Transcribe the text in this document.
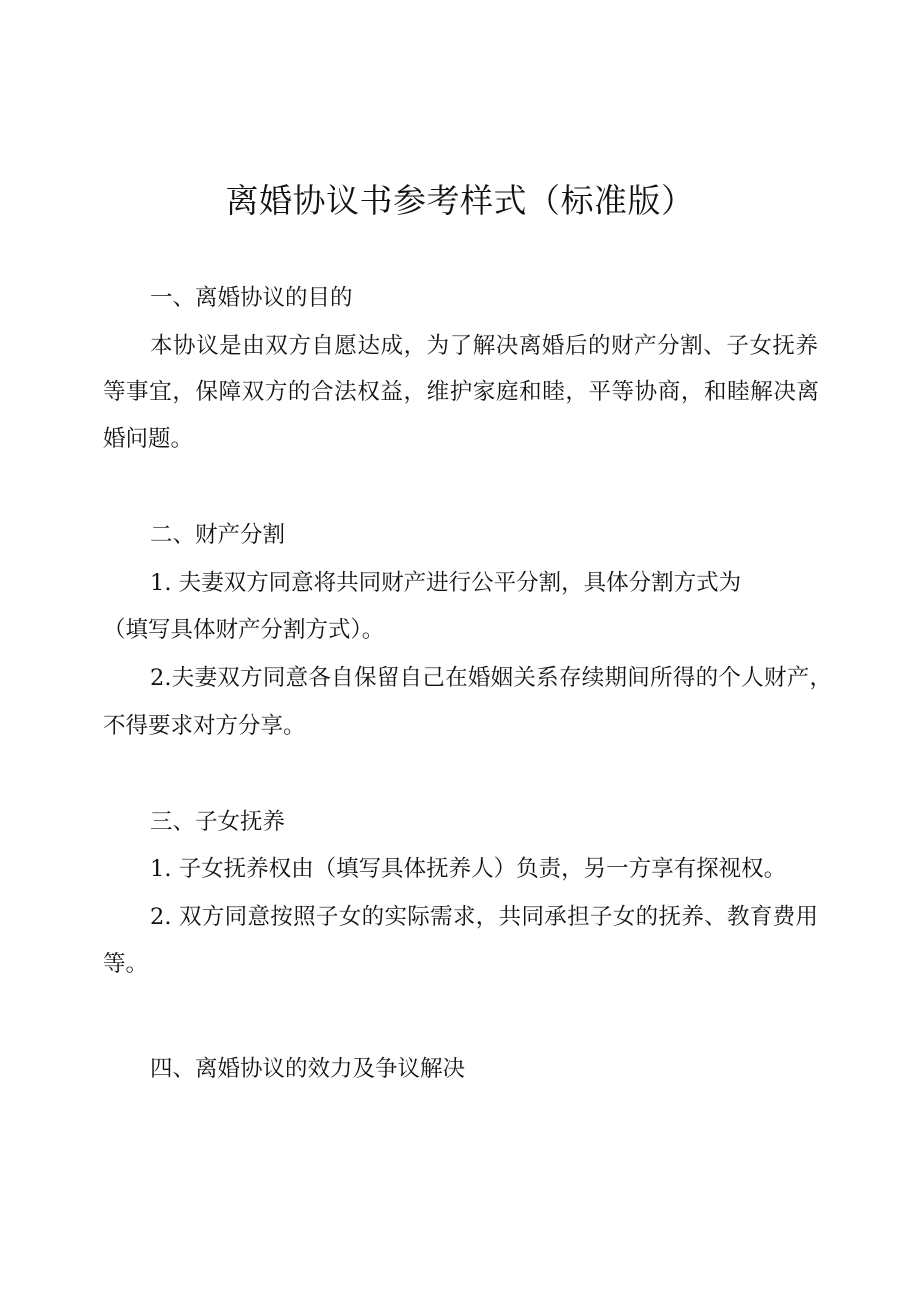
离婚协议书参考样式（标准版）
一、离婚协议的目的
本协议是由双方自愿达成，为了解决离婚后的财产分割、子女抚养
等事宜，保障双方的合法权益，维护家庭和睦，平等协商，和睦解决离
婚问题。
二、财产分割
1. 夫妻双方同意将共同财产进行公平分割，具体分割方式为
（填写具体财产分割方式）。
2.夫妻双方同意各自保留自己在婚姻关系存续期间所得的个人财产，
不得要求对方分享。
三、子女抚养
1. 子女抚养权由（填写具体抚养人）负责，另一方享有探视权。
2. 双方同意按照子女的实际需求，共同承担子女的抚养、教育费用
等。
四、离婚协议的效力及争议解决
